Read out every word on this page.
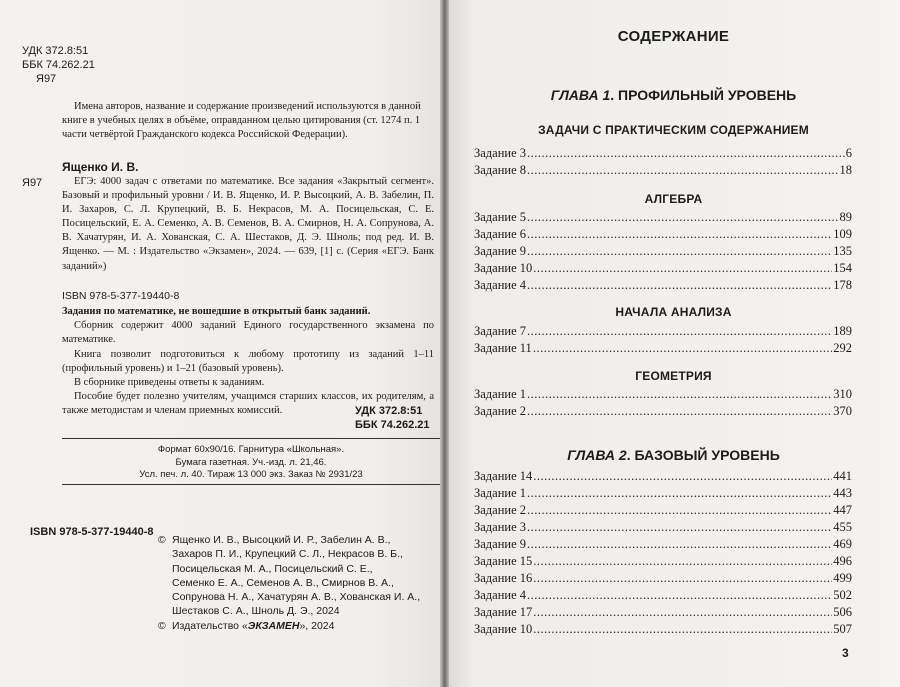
УДК 372.8:51
ББК 74.262.21
Я97
Имена авторов, название и содержание произведений используются в данной книге в учебных целях в объёме, оправданном целью цитирования (ст. 1274 п. 1 части четвёртой Гражданского кодекса Российской Федерации).
Ященко И. В.
Я97	ЕГЭ: 4000 задач с ответами по математике. Все задания «Закрытый сегмент». Базовый и профильный уровни / И. В. Ященко, И. Р. Высоцкий, А. В. Забелин, П. И. Захаров, С. Л. Крупецкий, В. Б. Некрасов, М. А. Посицельская, С. Е. Посицельский, Е. А. Семенко, А. В. Семенов, В. А. Смирнов, Н. А. Сопрунова, А. В. Хачатурян, И. А. Хованская, С. А. Шестаков, Д. Э. Шноль; под ред. И. В. Ященко. — М. : Издательство «Экзамен», 2024. — 639, [1] с. (Серия «ЕГЭ. Банк заданий»)
ISBN 978-5-377-19440-8

Задания по математике, не вошедшие в открытый банк заданий.

Сборник содержит 4000 заданий Единого государственного экзамена по математике.

Книга позволит подготовиться к любому прототипу из заданий 1–11 (профильный уровень) и 1–21 (базовый уровень).

В сборнике приведены ответы к заданиям.

Пособие будет полезно учителям, учащимся старших классов, их родителям, а также методистам и членам приемных комиссий.	УДК 372.8:51
ББК 74.262.21
Формат 60х90/16. Гарнитура «Школьная».
Бумага газетная. Уч.-изд. л. 21,46.
Усл. печ. л. 40. Тираж 13 000 экз. Заказ № 2931/23
ISBN 978-5-377-19440-8
© Ященко И. В., Высоцкий И. Р., Забелин А. В.,
Захаров П. И., Крупецкий С. Л., Некрасов В. Б.,
Посицельская М. А., Посицельский С. Е.,
Семенко Е. А., Семенов А. В., Смирнов В. А.,
Сопрунова Н. А., Хачатурян А. В., Хованская И. А.,
Шестаков С. А., Шноль Д. Э., 2024
© Издательство «ЭКЗАМЕН», 2024
СОДЕРЖАНИЕ
ГЛАВА 1. ПРОФИЛЬНЫЙ УРОВЕНЬ
ЗАДАЧИ С ПРАКТИЧЕСКИМ СОДЕРЖАНИЕМ
Задание 3 .....	6
Задание 8 .....	18
АЛГЕБРА
Задание 5 .....	89
Задание 6 .....	109
Задание 9 .....	135
Задание 10 .....	154
Задание 4 .....	178
НАЧАЛА АНАЛИЗА
Задание 7 .....	189
Задание 11 .....	292
ГЕОМЕТРИЯ
Задание 1 .....	310
Задание 2 .....	370
ГЛАВА 2. БАЗОВЫЙ УРОВЕНЬ
Задание 14 .....	441
Задание 1 .....	443
Задание 2 .....	447
Задание 3 .....	455
Задание 9 .....	469
Задание 15 .....	496
Задание 16 .....	499
Задание 4 .....	502
Задание 17 .....	506
Задание 10 .....	507
3
